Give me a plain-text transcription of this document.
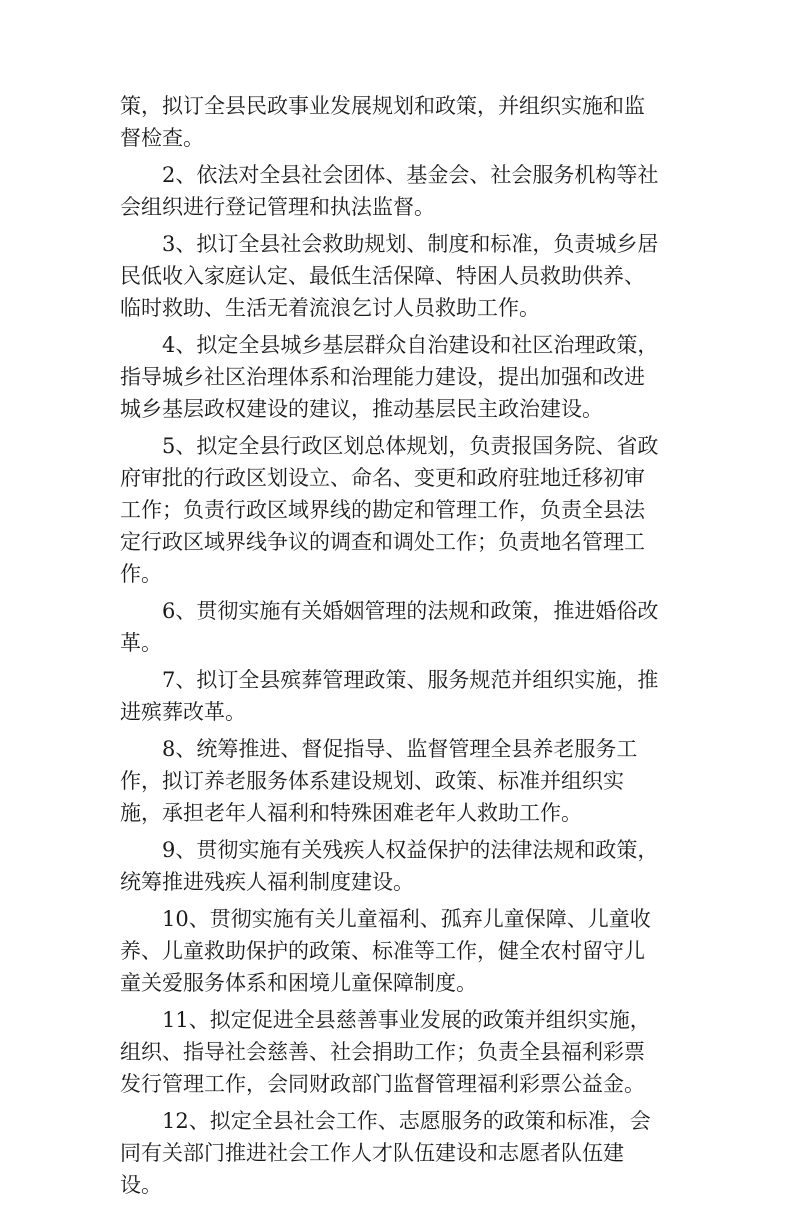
策，拟订全县民政事业发展规划和政策，并组织实施和监
督检查。
2、依法对全县社会团体、基金会、社会服务机构等社
会组织进行登记管理和执法监督。
3、拟订全县社会救助规划、制度和标准，负责城乡居
民低收入家庭认定、最低生活保障、特困人员救助供养、
临时救助、生活无着流浪乞讨人员救助工作。
4、拟定全县城乡基层群众自治建设和社区治理政策，
指导城乡社区治理体系和治理能力建设，提出加强和改进
城乡基层政权建设的建议，推动基层民主政治建设。
5、拟定全县行政区划总体规划，负责报国务院、省政
府审批的行政区划设立、命名、变更和政府驻地迁移初审
工作；负责行政区域界线的勘定和管理工作，负责全县法
定行政区域界线争议的调查和调处工作；负责地名管理工
作。
6、贯彻实施有关婚姻管理的法规和政策，推进婚俗改
革。
7、拟订全县殡葬管理政策、服务规范并组织实施，推
进殡葬改革。
8、统筹推进、督促指导、监督管理全县养老服务工
作，拟订养老服务体系建设规划、政策、标准并组织实
施，承担老年人福利和特殊困难老年人救助工作。
9、贯彻实施有关残疾人权益保护的法律法规和政策，
统筹推进残疾人福利制度建设。
10、贯彻实施有关儿童福利、孤弃儿童保障、儿童收
养、儿童救助保护的政策、标准等工作，健全农村留守儿
童关爱服务体系和困境儿童保障制度。
11、拟定促进全县慈善事业发展的政策并组织实施，
组织、指导社会慈善、社会捐助工作；负责全县福利彩票
发行管理工作，会同财政部门监督管理福利彩票公益金。
12、拟定全县社会工作、志愿服务的政策和标准，会
同有关部门推进社会工作人才队伍建设和志愿者队伍建
设。
